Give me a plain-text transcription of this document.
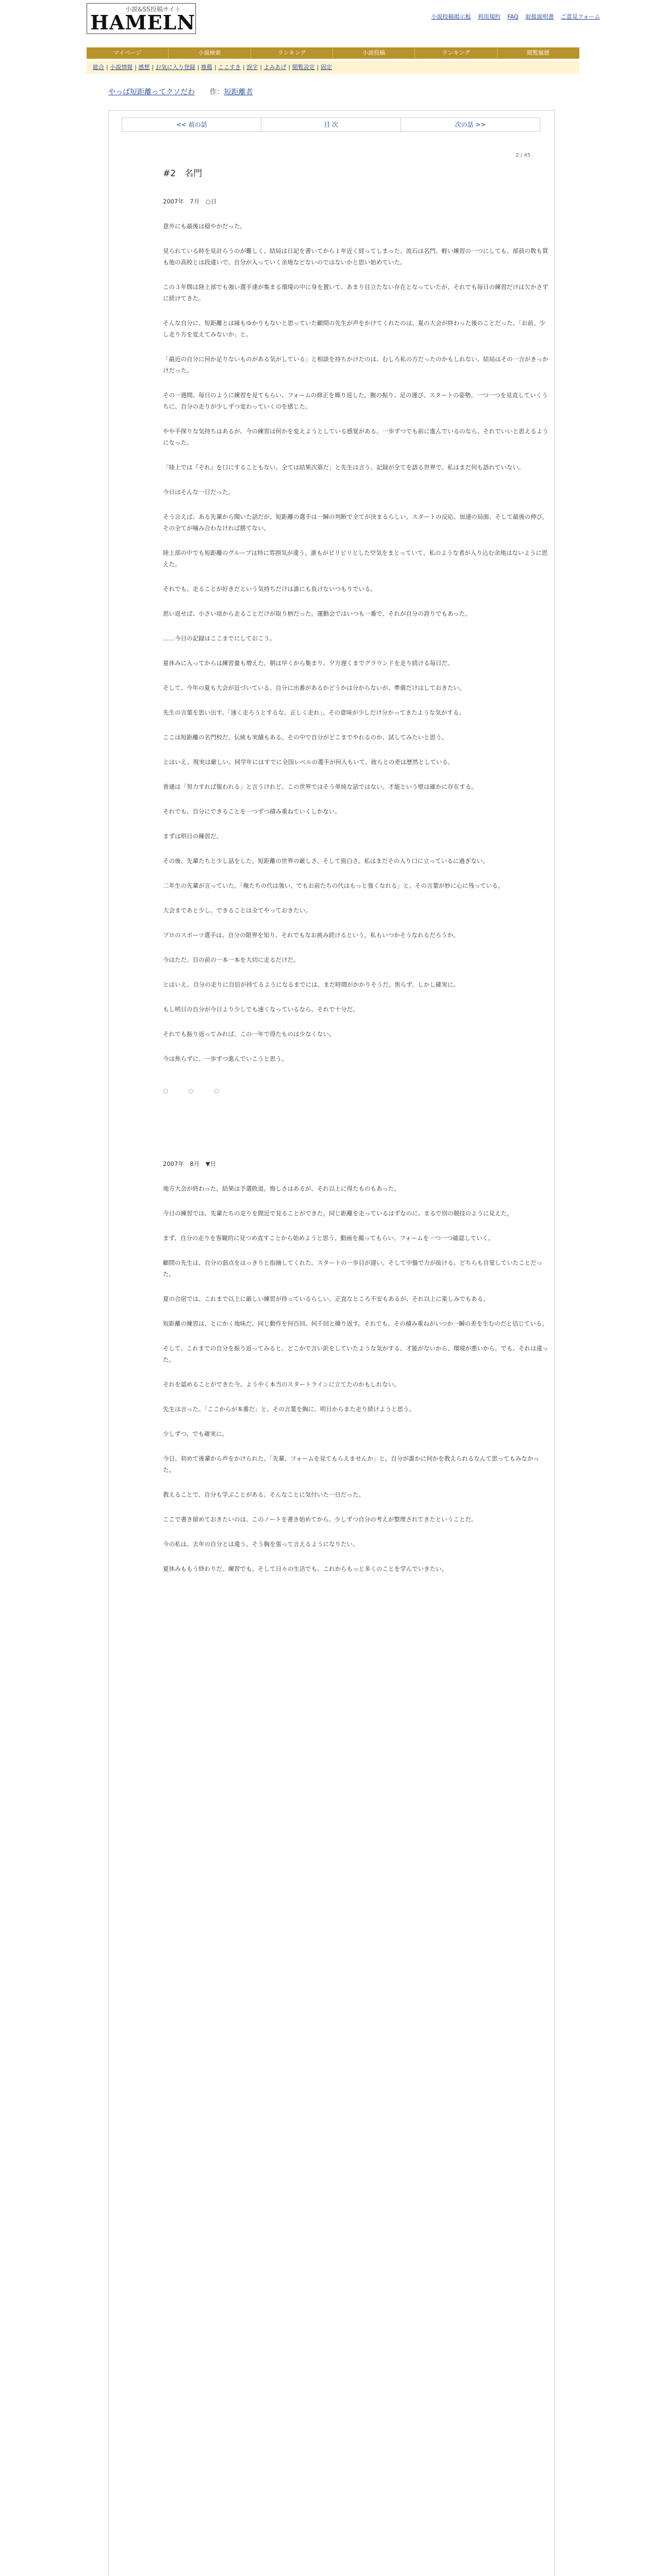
小説&SS投稿サイト
HAMELN	小説投稿掲示板 利用規約 FAQ 取扱説明書 ご意見フォーム
マイページ	小説検索	ランキング	小説投稿	ランキング	閲覧履歴
総合 | 小説情報 | 感想 | お気に入り登録 | 推薦 | ここすき | 誤字 | よみあげ | 閲覧設定 | 固定
やっぱ短距離ってクソだわ 作：短距離者
<< 前の話	目 次	次の話 >>
2 / 45
#2　名門

2007年　7月　○日

意外にも最後は穏やかだった。

見られている時を見計らうのが難しく、結局は日記を書いてから１年近く経ってしまった。流石は名門、軽い練習の一つにしても、部員の数も質も他の高校とは段違いで、自分が入っていく余地などないのではないかと思い始めていた。

この３年間は陸上部でも強い選手達が集まる環境の中に身を置いて、あまり目立たない存在となっていたが、それでも毎日の練習だけは欠かさずに続けてきた。

そんな自分に、短距離とは縁もゆかりもないと思っていた顧問の先生が声をかけてくれたのは、夏の大会が終わった後のことだった。「お前、少し走り方を変えてみないか」と。

「最近の自分に何か足りないものがある気がしている」と相談を持ちかけたのは、むしろ私の方だったのかもしれない。結局はその一言がきっかけだった。

その一週間、毎日のように練習を見てもらい、フォームの修正を繰り返した。腕の振り、足の運び、スタートの姿勢。一つ一つを見直していくうちに、自分の走りが少しずつ変わっていくのを感じた。

やや手探りな気持ちはあるが、今の練習は何かを変えようとしている感覚がある。一歩ずつでも前に進んでいるのなら、それでいいと思えるようになった。

「陸上では『それ』を口にすることもない。全ては結果次第だ」と先生は言う。記録が全てを語る世界で、私はまだ何も語れていない。

今日はそんな一日だった。

そう言えば、ある先輩から聞いた話だが、短距離の選手は一瞬の判断で全てが決まるらしい。スタートの反応、加速の局面、そして最後の伸び。その全てが噛み合わなければ勝てない。

陸上部の中でも短距離のグループは特に雰囲気が違う。誰もがピリピリとした空気をまとっていて、私のような者が入り込む余地はないように思えた。

それでも、走ることが好きだという気持ちだけは誰にも負けないつもりでいる。

思い返せば、小さい頃から走ることだけが取り柄だった。運動会ではいつも一番で、それが自分の誇りでもあった。

……今日の記録はここまでにしておこう。

夏休みに入ってからは練習量も増えた。朝は早くから集まり、夕方遅くまでグラウンドを走り続ける毎日だ。

そして、今年の夏も大会が近づいている。自分に出番があるかどうかは分からないが、準備だけはしておきたい。

先生の言葉を思い出す。「速く走ろうとするな。正しく走れ」。その意味が少しだけ分かってきたような気がする。

ここは短距離の名門校だ。伝統も実績もある。その中で自分がどこまでやれるのか、試してみたいと思う。

とはいえ、現実は厳しい。同学年にはすでに全国レベルの選手が何人もいて、彼らとの差は歴然としている。

普通は「努力すれば報われる」と言うけれど、この世界ではそう単純な話ではない。才能という壁は確かに存在する。

それでも、自分にできることを一つずつ積み重ねていくしかない。

まずは明日の練習だ。

その後、先輩たちと少し話をした。短距離の世界の厳しさ、そして面白さ。私はまだその入り口に立っているに過ぎない。

二年生の先輩が言っていた。「俺たちの代は強い。でもお前たちの代はもっと強くなれる」と。その言葉が妙に心に残っている。

大会まであと少し。できることは全てやっておきたい。

プロのスポーツ選手は、自分の限界を知り、それでもなお挑み続けるという。私もいつかそうなれるだろうか。

今はただ、目の前の一本一本を大切に走るだけだ。

とはいえ、自分の走りに自信が持てるようになるまでには、まだ時間がかかりそうだ。焦らず、しかし確実に。

もし明日の自分が今日より少しでも速くなっているなら、それで十分だ。

それでも振り返ってみれば、この一年で得たものは少なくない。

今は焦らずに、一歩ずつ進んでいこうと思う。

○　○　○

2007年　8月　▼日

地方大会が終わった。結果は予選敗退。悔しさはあるが、それ以上に得たものもあった。

今日の練習では、先輩たちの走りを間近で見ることができた。同じ距離を走っているはずなのに、まるで別の競技のように見えた。

まず、自分の走りを客観的に見つめ直すことから始めようと思う。動画を撮ってもらい、フォームを一つ一つ確認していく。

顧問の先生は、自分の弱点をはっきりと指摘してくれた。スタートの一歩目が遅い。そして中盤で力が抜ける。どちらも自覚していたことだった。

夏の合宿では、これまで以上に厳しい練習が待っているらしい。正直なところ不安もあるが、それ以上に楽しみでもある。

短距離の練習は、とにかく地味だ。同じ動作を何百回、何千回と繰り返す。それでも、その積み重ねがいつか一瞬の差を生むのだと信じている。

そして、これまでの自分を振り返ってみると、どこかで言い訳をしていたような気がする。才能がないから、環境が悪いから。でも、それは違った。

それを認めることができた今、ようやく本当のスタートラインに立てたのかもしれない。

先生は言った。「ここからが本番だ」と。その言葉を胸に、明日からまた走り続けようと思う。

少しずつ、でも確実に。

今日、初めて後輩から声をかけられた。「先輩、フォームを見てもらえませんか」と。自分が誰かに何かを教えられるなんて思ってもみなかった。

教えることで、自分も学ぶことがある。そんなことに気付いた一日だった。

ここで書き留めておきたいのは、このノートを書き始めてから、少しずつ自分の考えが整理されてきたということだ。

今の私は、去年の自分とは違う。そう胸を張って言えるようになりたい。

夏休みももう終わりだ。練習でも、そして日々の生活でも、これからもっと多くのことを学んでいきたい。
